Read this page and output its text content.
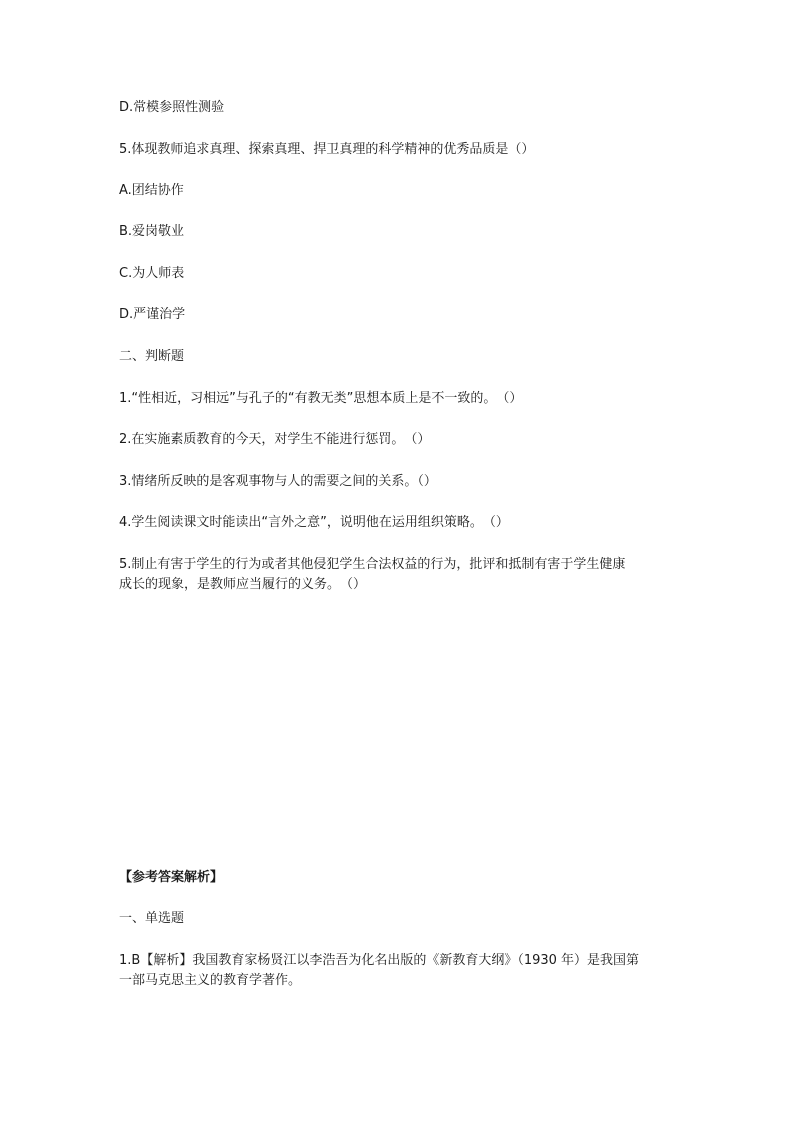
D.常模参照性测验
5.体现教师追求真理、探索真理、捍卫真理的科学精神的优秀品质是（）
A.团结协作
B.爱岗敬业
C.为人师表
D.严谨治学
二、判断题
1.“性相近，习相远”与孔子的“有教无类”思想本质上是不一致的。　（）
2.在实施素质教育的今天，对学生不能进行惩罚。　（）
3.情绪所反映的是客观事物与人的需要之间的关系。（）
4.学生阅读课文时能读出“言外之意”，说明他在运用组织策略。　（）
5.制止有害于学生的行为或者其他侵犯学生合法权益的行为，批评和抵制有害于学生健康
成长的现象，是教师应当履行的义务。　（）
【参考答案解析】
一、单选题
1.B【解析】我国教育家杨贤江以李浩吾为化名出版的《新教育大纲》（1930 年）是我国第
一部马克思主义的教育学著作。
